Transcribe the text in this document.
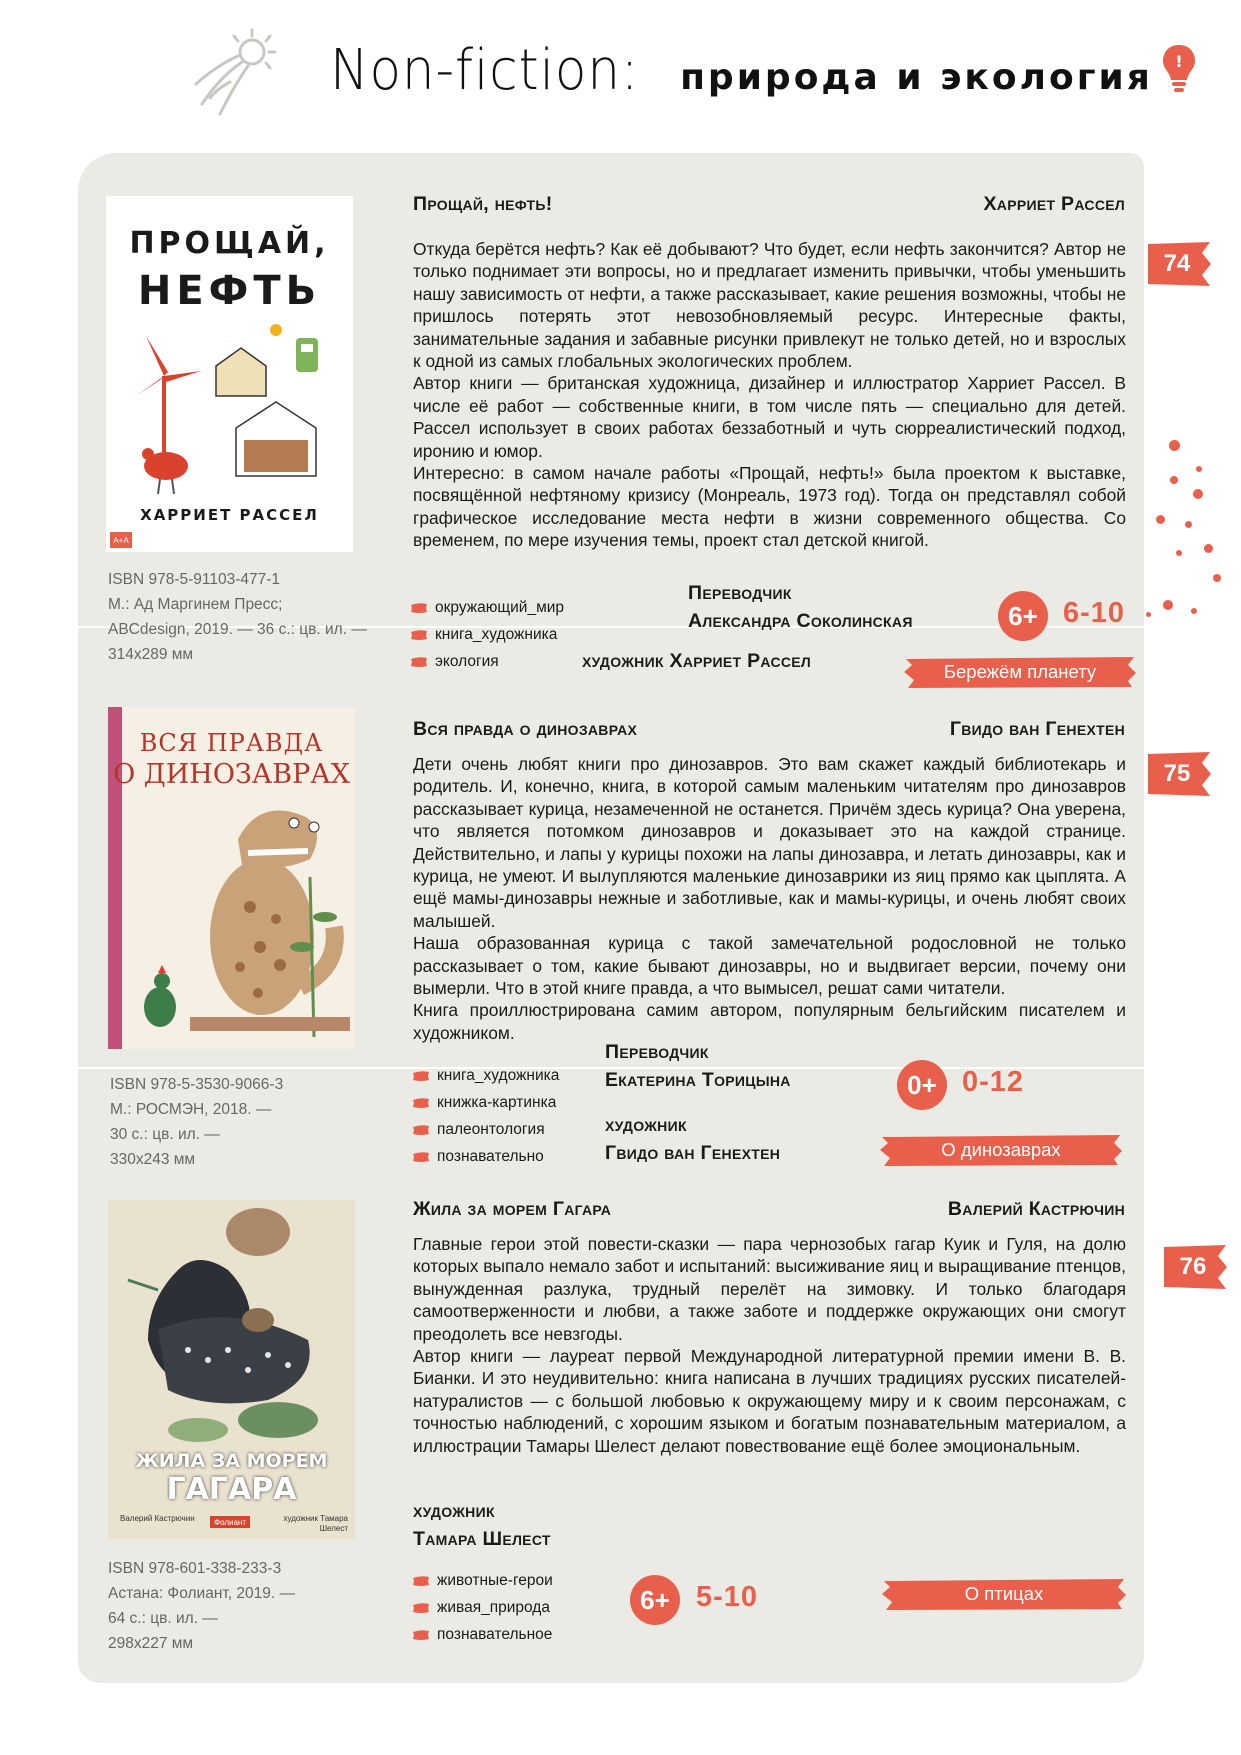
Non-fiction: природа и экология !
ПРОЩАЙ,
НЕФТЬ
ХАРРИЕТ РАССЕЛ
А+А
ISBN 978-5-91103-477-1
М.: Ад Маргинем Пресс;
ABCdesign, 2019. — 36 с.: цв. ил. —
314x289 мм
Прощай, нефть!	Харриет Рассел

Откуда берётся нефть? Как её добывают? Что будет, если нефть закончится? Автор не только поднимает эти вопросы, но и предлагает изменить привычки, чтобы уменьшить нашу зависимость от нефти, а также рассказывает, какие решения возможны, чтобы не пришлось потерять этот невозобновляемый ресурс. Интересные факты, занимательные задания и забавные рисунки привлекут не только детей, но и взрослых к одной из самых глобальных экологических проблем.

Автор книги — британская художница, дизайнер и иллюстратор Харриет Рассел. В числе её работ — собственные книги, в том числе пять — специально для детей. Рассел использует в своих работах беззаботный и чуть сюрреалистический подход, иронию и юмор.

Интересно: в самом начале работы «Прощай, нефть!» была проектом к выставке, посвящённой нефтяному кризису (Монреаль, 1973 год). Тогда он представлял собой графическое исследование места нефти в жизни современного общества. Со временем, по мере изучения темы, проект стал детской книгой.

Переводчик
Александра Соколинская
художник Харриет Рассел
окружающий_мир
книга_художника
экология
6+ 6-10
Бережём планету
74
ВСЯ ПРАВДА
О ДИНОЗАВРАХ
ISBN 978-5-3530-9066-3
М.: РОСМЭН, 2018. —
30 с.: цв. ил. —
330x243 мм
Вся правда о динозаврах	Гвидо ван Генехтен

Дети очень любят книги про динозавров. Это вам скажет каждый библиотекарь и родитель. И, конечно, книга, в которой самым маленьким читателям про динозавров рассказывает курица, незамеченной не останется. Причём здесь курица? Она уверена, что является потомком динозавров и доказывает это на каждой странице. Действительно, и лапы у курицы похожи на лапы динозавра, и летать динозавры, как и курица, не умеют. И вылупляются маленькие динозаврики из яиц прямо как цыплята. А ещё мамы-динозавры нежные и заботливые, как и мамы-курицы, и очень любят своих малышей.

Наша образованная курица с такой замечательной родословной не только рассказывает о том, какие бывают динозавры, но и выдвигает версии, почему они вымерли. Что в этой книге правда, а что вымысел, решат сами читатели.

Книга проиллюстрирована самим автором, популярным бельгийским писателем и художником.

Переводчик
Екатерина Торицына
художник
Гвидо ван Генехтен
книга_художника
книжка-картинка
палеонтология
познавательно
0+ 0-12
О динозаврах
75
ЖИЛА ЗА МОРЕМ
ГАГАРА
Валерий Кастрючин	Фолиант	художник Тамара Шелест
ISBN 978-601-338-233-3
Астана: Фолиант, 2019. —
64 с.: цв. ил. —
298x227 мм
Жила за морем Гагара	Валерий Кастрючин

Главные герои этой повести-сказки — пара чернозобых гагар Куик и Гуля, на долю которых выпало немало забот и испытаний: высиживание яиц и выращивание птенцов, вынужденная разлука, трудный перелёт на зимовку. И только благодаря самоотверженности и любви, а также заботе и поддержке окружающих они смогут преодолеть все невзгоды.

Автор книги — лауреат первой Международной литературной премии имени В. В. Бианки. И это неудивительно: книга написана в лучших традициях русских писателей-натуралистов — с большой любовью к окружающему миру и к своим персонажам, с точностью наблюдений, с хорошим языком и богатым познавательным материалом, а иллюстрации Тамары Шелест делают повествование ещё более эмоциональным.

художник
Тамара Шелест
животные-герои
живая_природа
познавательное
6+ 5-10	О птицах
76
